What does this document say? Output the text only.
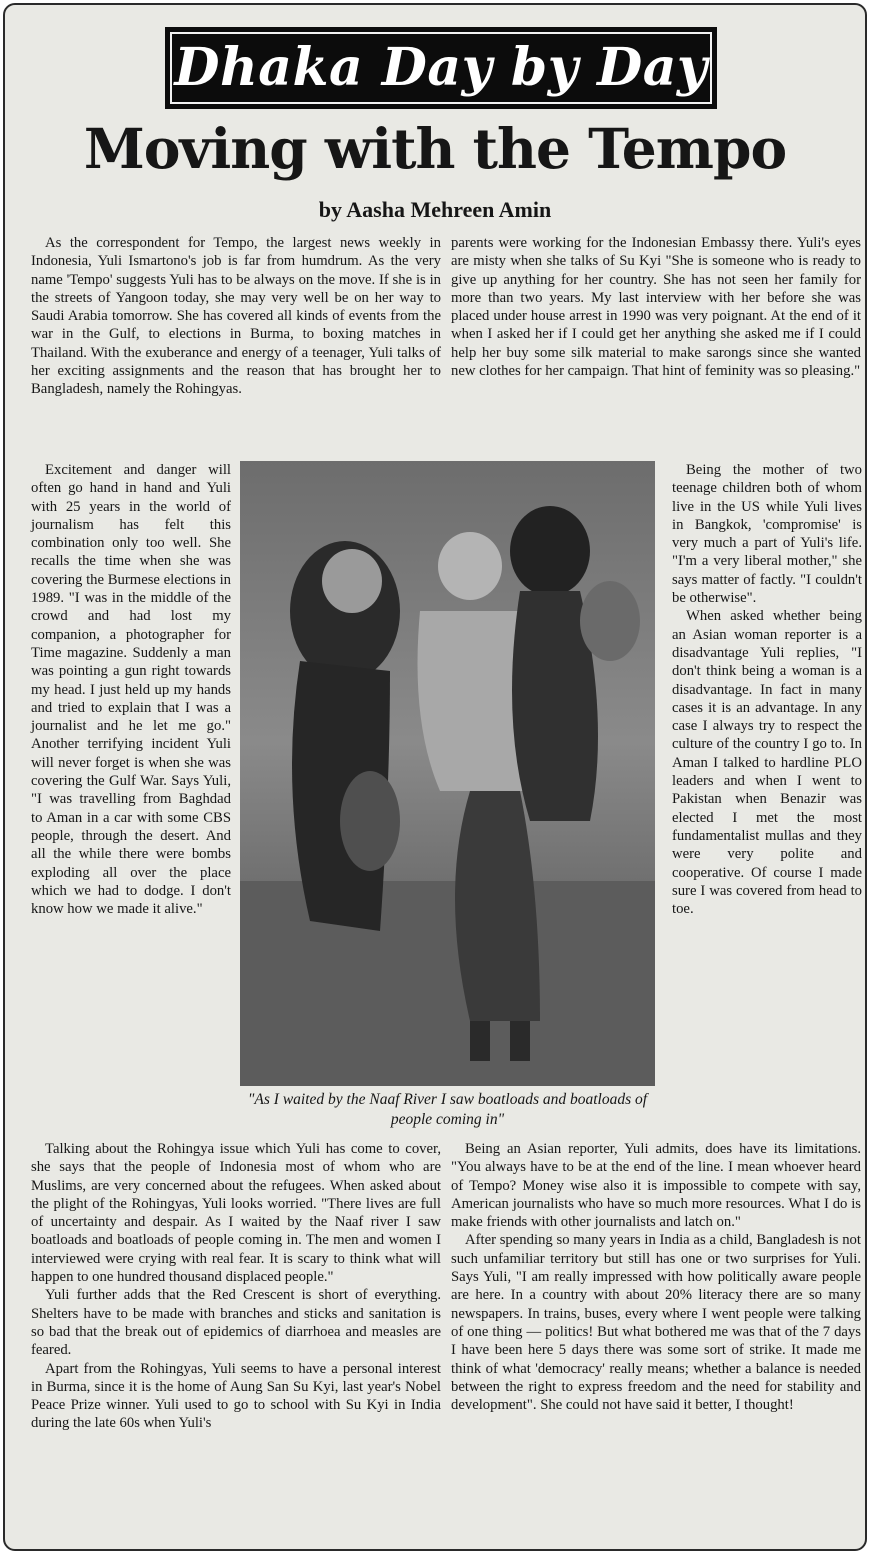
Dhaka Day by Day
Moving with the Tempo
by Aasha Mehreen Amin

As the correspondent for Tempo, the largest news weekly in Indonesia, Yuli Ismartono's job is far from humdrum. As the very name 'Tempo' suggests Yuli has to be always on the move. If she is in the streets of Yangoon today, she may very well be on her way to Saudi Arabia tomorrow. She has covered all kinds of events from the war in the Gulf, to elections in Burma, to boxing matches in Thailand. With the exuberance and energy of a teenager, Yuli talks of her exciting assignments and the reason that has brought her to Bangladesh, namely the Rohingyas.

parents were working for the Indonesian Embassy there. Yuli's eyes are misty when she talks of Su Kyi "She is someone who is ready to give up anything for her country. She has not seen her family for more than two years. My last interview with her before she was placed under house arrest in 1990 was very poignant. At the end of it when I asked her if I could get her anything she asked me if I could help her buy some silk material to make sarongs since she wanted new clothes for her campaign. That hint of feminity was so pleasing."

Excitement and danger will often go hand in hand and Yuli with 25 years in the world of journalism has felt this combination only too well. She recalls the time when she was covering the Burmese elections in 1989. "I was in the middle of the crowd and had lost my companion, a photographer for Time magazine. Suddenly a man was pointing a gun right towards my head. I just held up my hands and tried to explain that I was a journalist and he let me go." Another terrifying incident Yuli will never forget is when she was covering the Gulf War. Says Yuli, "I was travelling from Baghdad to Aman in a car with some CBS people, through the desert. And all the while there were bombs exploding all over the place which we had to dodge. I don't know how we made it alive."

"As I waited by the Naaf River I saw boatloads and boatloads of people coming in"

Being the mother of two teenage children both of whom live in the US while Yuli lives in Bangkok, 'compromise' is very much a part of Yuli's life. "I'm a very liberal mother," she says matter of factly. "I couldn't be otherwise".

When asked whether being an Asian woman reporter is a disadvantage Yuli replies, "I don't think being a woman is a disadvantage. In fact in many cases it is an advantage. In any case I always try to respect the culture of the country I go to. In Aman I talked to hardline PLO leaders and when I went to Pakistan when Benazir was elected I met the most fundamentalist mullas and they were very polite and cooperative. Of course I made sure I was covered from head to toe.

Talking about the Rohingya issue which Yuli has come to cover, she says that the people of Indonesia most of whom who are Muslims, are very concerned about the refugees. When asked about the plight of the Rohingyas, Yuli looks worried. "There lives are full of uncertainty and despair. As I waited by the Naaf river I saw boatloads and boatloads of people coming in. The men and women I interviewed were crying with real fear. It is scary to think what will happen to one hundred thousand displaced people."

Yuli further adds that the Red Crescent is short of everything. Shelters have to be made with branches and sticks and sanitation is so bad that the break out of epidemics of diarrhoea and measles are feared.

Apart from the Rohingyas, Yuli seems to have a personal interest in Burma, since it is the home of Aung San Su Kyi, last year's Nobel Peace Prize winner. Yuli used to go to school with Su Kyi in India during the late 60s when Yuli's

Being an Asian reporter, Yuli admits, does have its limitations. "You always have to be at the end of the line. I mean whoever heard of Tempo? Money wise also it is impossible to compete with say, American journalists who have so much more resources. What I do is make friends with other journalists and latch on."

After spending so many years in India as a child, Bangladesh is not such unfamiliar territory but still has one or two surprises for Yuli. Says Yuli, "I am really impressed with how politically aware people are here. In a country with about 20% literacy there are so many newspapers. In trains, buses, every where I went people were talking of one thing — politics! But what bothered me was that of the 7 days I have been here 5 days there was some sort of strike. It made me think of what 'democracy' really means; whether a balance is needed between the right to express freedom and the need for stability and development". She could not have said it better, I thought!
